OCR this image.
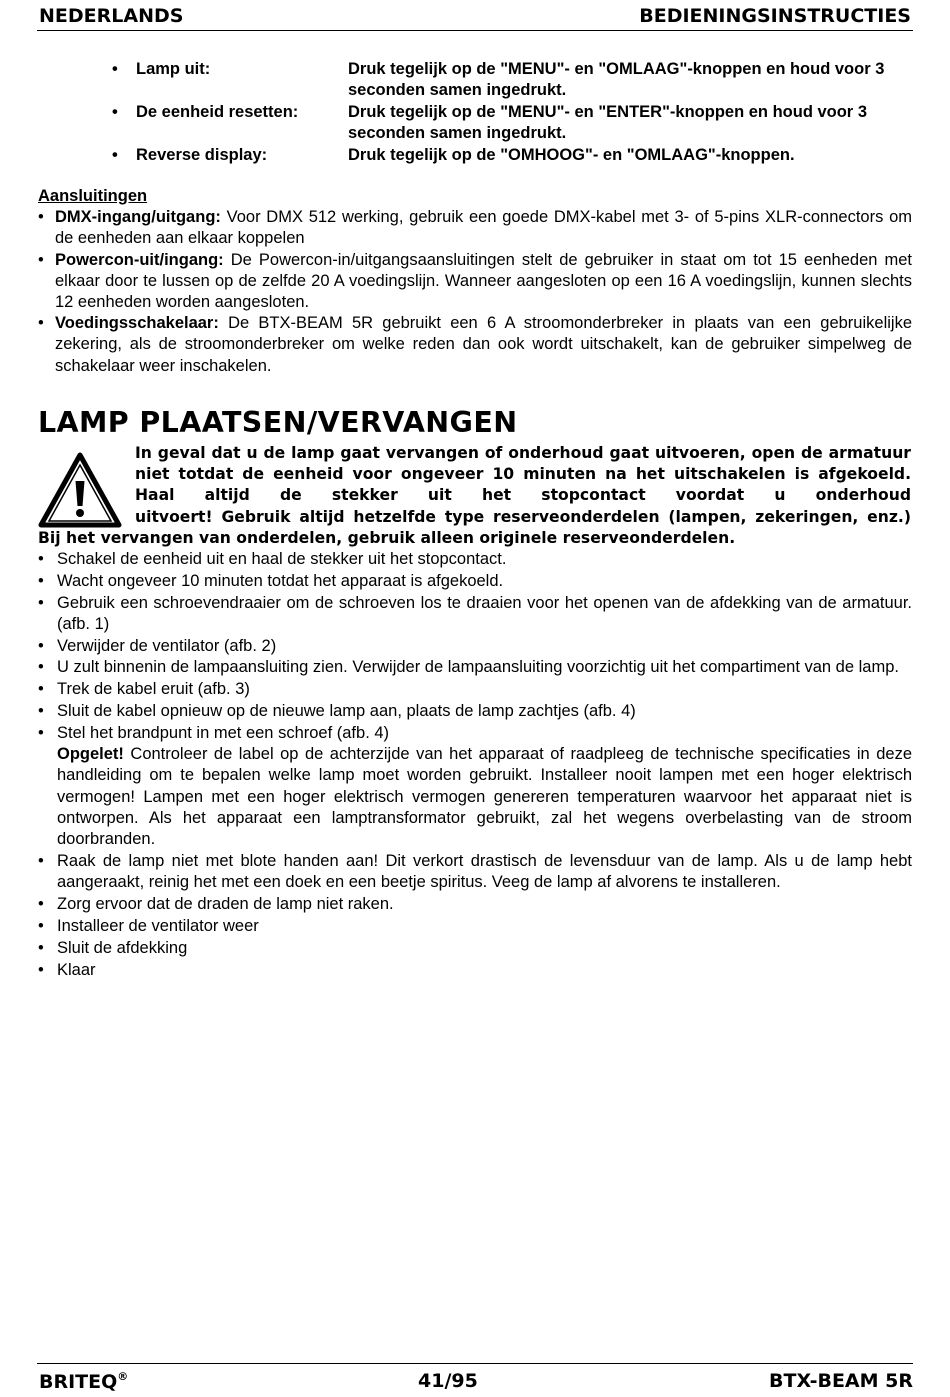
NEDERLANDS	BEDIENINGSINSTRUCTIES
•	Lamp uit:	Druk tegelijk op de "MENU"- en "OMLAAG"-knoppen en houd voor 3 seconden samen ingedrukt.
•	De eenheid resetten:	Druk tegelijk op de "MENU"- en "ENTER"-knoppen en houd voor 3 seconden samen ingedrukt.
•	Reverse display:	Druk tegelijk op de "OMHOOG"- en "OMLAAG"-knoppen.
Aansluitingen
• DMX-ingang/uitgang: Voor DMX 512 werking, gebruik een goede DMX-kabel met 3- of 5-pins XLR-connectors om de eenheden aan elkaar koppelen
• Powercon-uit/ingang: De Powercon-in/uitgangsaansluitingen stelt de gebruiker in staat om tot 15 eenheden met elkaar door te lussen op de zelfde 20 A voedingslijn. Wanneer aangesloten op een 16 A voedingslijn, kunnen slechts 12 eenheden worden aangesloten.
• Voedingsschakelaar: De BTX-BEAM 5R gebruikt een 6 A stroomonderbreker in plaats van een gebruikelijke zekering, als de stroomonderbreker om welke reden dan ook wordt uitschakelt, kan de gebruiker simpelweg de schakelaar weer inschakelen.
LAMP PLAATSEN/VERVANGEN
In geval dat u de lamp gaat vervangen of onderhoud gaat uitvoeren, open de armatuur
niet totdat de eenheid voor ongeveer 10 minuten na het uitschakelen is afgekoeld.
Haal altijd de stekker uit het stopcontact voordat u onderhoud
uitvoert! Gebruik altijd hetzelfde type reserveonderdelen (lampen, zekeringen, enz.)
Bij het vervangen van onderdelen, gebruik alleen originele reserveonderdelen.
• Schakel de eenheid uit en haal de stekker uit het stopcontact.
• Wacht ongeveer 10 minuten totdat het apparaat is afgekoeld.
• Gebruik een schroevendraaier om de schroeven los te draaien voor het openen van de afdekking van de armatuur.(afb. 1)
• Verwijder de ventilator (afb. 2)
• U zult binnenin de lampaansluiting zien. Verwijder de lampaansluiting voorzichtig uit het compartiment van de lamp.
• Trek de kabel eruit (afb. 3)
• Sluit de kabel opnieuw op de nieuwe lamp aan, plaats de lamp zachtjes (afb. 4)
• Stel het brandpunt in met een schroef (afb. 4)
Opgelet! Controleer de label op de achterzijde van het apparaat of raadpleeg de technische specificaties in deze handleiding om te bepalen welke lamp moet worden gebruikt. Installeer nooit lampen met een hoger elektrisch vermogen! Lampen met een hoger elektrisch vermogen genereren temperaturen waarvoor het apparaat niet is ontworpen. Als het apparaat een lamptransformator gebruikt, zal het wegens overbelasting van de stroom doorbranden.
• Raak de lamp niet met blote handen aan! Dit verkort drastisch de levensduur van de lamp. Als u de lamp hebt aangeraakt, reinig het met een doek en een beetje spiritus. Veeg de lamp af alvorens te installeren.
• Zorg ervoor dat de draden de lamp niet raken.
• Installeer de ventilator weer
• Sluit de afdekking
• Klaar
BRITEQ®	41/95	BTX-BEAM 5R
